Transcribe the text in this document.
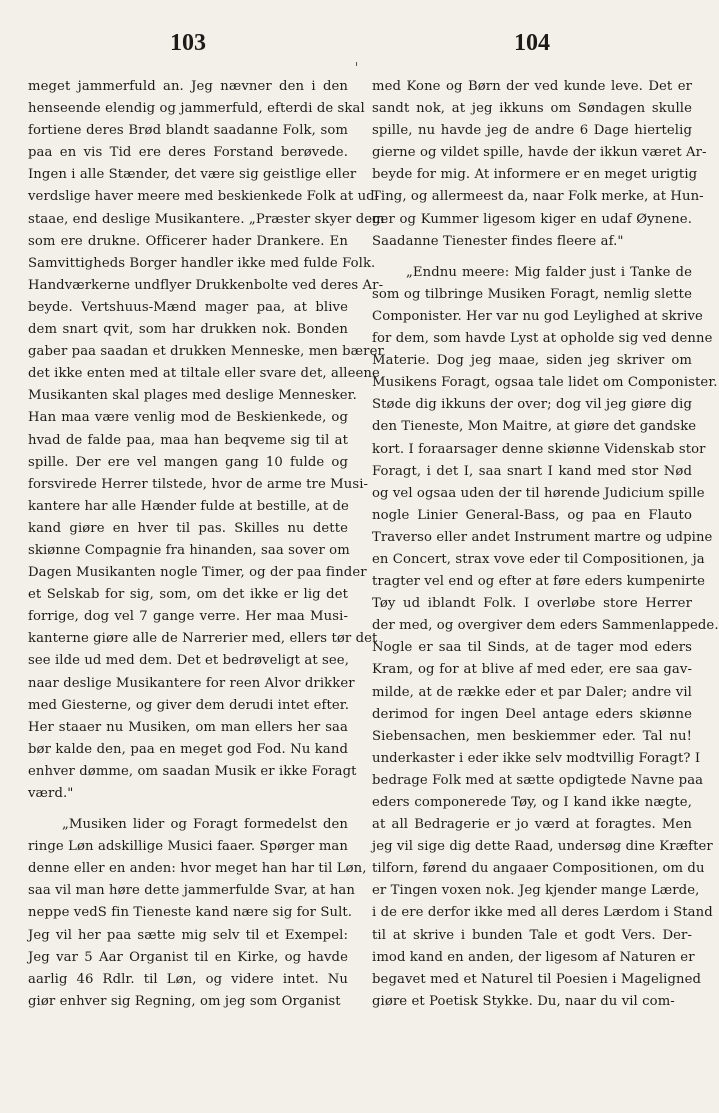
103
meget jammerfuld an. Jeg nævner den i den
henseende elendig og jammerfuld, efterdi de skal
fortiene deres Brød blandt saadanne Folk, som
paa en vis Tid ere deres Forstand berøvede.
Ingen i alle Stænder, det være sig geistlige eller
verdslige haver meere med beskienkede Folk at ud-
staae, end deslige Musikantere. „Præster skyer dem
som ere drukne. Officerer hader Drankere. En
Samvittigheds Borger handler ikke med fulde Folk.
Handværkerne undflyer Drukkenbolte ved deres Ar-
beyde. Vertshuus-Mænd mager paa, at blive
dem snart qvit, som har drukken nok. Bonden
gaber paa saadan et drukken Menneske, men bærer
det ikke enten med at tiltale eller svare det, alleene
Musikanten skal plages med deslige Mennesker.
Han maa være venlig mod de Beskienkede, og
hvad de falde paa, maa han beqveme sig til at
spille. Der ere vel mangen gang 10 fulde og
forsvirede Herrer tilstede, hvor de arme tre Musi-
kantere har alle Hænder fulde at bestille, at de
kand giøre en hver til pas. Skilles nu dette
skiønne Compagnie fra hinanden, saa sover om
Dagen Musikanten nogle Timer, og der paa finder
et Selskab for sig, som, om det ikke er lig det
forrige, dog vel 7 gange verre. Her maa Musi-
kanterne giøre alle de Narrerier med, ellers tør det
see ilde ud med dem. Det et bedrøveligt at see,
naar deslige Musikantere for reen Alvor drikker
med Giesterne, og giver dem derudi intet efter.
Her staaer nu Musiken, om man ellers her saa
bør kalde den, paa en meget god Fod. Nu kand
enhver dømme, om saadan Musik er ikke Foragt
værd."
„Musiken lider og Foragt formedelst den
ringe Løn adskillige Musici faaer. Spørger man
denne eller en anden: hvor meget han har til Løn,
saa vil man høre dette jammerfulde Svar, at han
neppe vedS fin Tieneste kand nære sig for Sult.
Jeg vil her paa sætte mig selv til et Exempel:
Jeg var 5 Aar Organist til en Kirke, og havde
aarlig 46 Rdlr. til Løn, og videre intet. Nu
giør enhver sig Regning, om jeg som Organist
104
med Kone og Børn der ved kunde leve. Det er
sandt nok, at jeg ikkuns om Søndagen skulle
spille, nu havde jeg de andre 6 Dage hiertelig
gierne og vildet spille, havde der ikkun været Ar-
beyde for mig. At informere er en meget urigtig
Ting, og allermeest da, naar Folk merke, at Hun-
ger og Kummer ligesom kiger en udaf Øynene.
Saadanne Tienester findes fleere af."
„Endnu meere: Mig falder just i Tanke de
som og tilbringe Musiken Foragt, nemlig slette
Componister. Her var nu god Leylighed at skrive
for dem, som havde Lyst at opholde sig ved denne
Materie. Dog jeg maae, siden jeg skriver om
Musikens Foragt, ogsaa tale lidet om Componister.
Støde dig ikkuns der over; dog vil jeg giøre dig
den Tieneste, Mon Maitre, at giøre det gandske
kort. I foraarsager denne skiønne Videnskab stor
Foragt, i det I, saa snart I kand med stor Nød
og vel ogsaa uden der til hørende Judicium spille
nogle Linier General-Bass, og paa en Flauto
Traverso eller andet Instrument martre og udpine
en Concert, strax vove eder til Compositionen, ja
tragter vel end og efter at føre eders kumpenirte
Tøy ud iblandt Folk. I overløbe store Herrer
der med, og overgiver dem eders Sammenlappede.
Nogle er saa til Sinds, at de tager mod eders
Kram, og for at blive af med eder, ere saa gav-
milde, at de række eder et par Daler; andre vil
derimod for ingen Deel antage eders skiønne
Siebensachen, men beskiemmer eder. Tal nu!
underkaster i eder ikke selv modtvillig Foragt? I
bedrage Folk med at sætte opdigtede Navne paa
eders componerede Tøy, og I kand ikke nægte,
at all Bedragerie er jo værd at foragtes. Men
jeg vil sige dig dette Raad, undersøg dine Kræfter
tilforn, førend du angaaer Compositionen, om du
er Tingen voxen nok. Jeg kjender mange Lærde,
i de ere derfor ikke med all deres Lærdom i Stand
til at skrive i bunden Tale et godt Vers. Der-
imod kand en anden, der ligesom af Naturen er
begavet med et Naturel til Poesien i Mageligned
giøre et Poetisk Stykke. Du, naar du vil com-
